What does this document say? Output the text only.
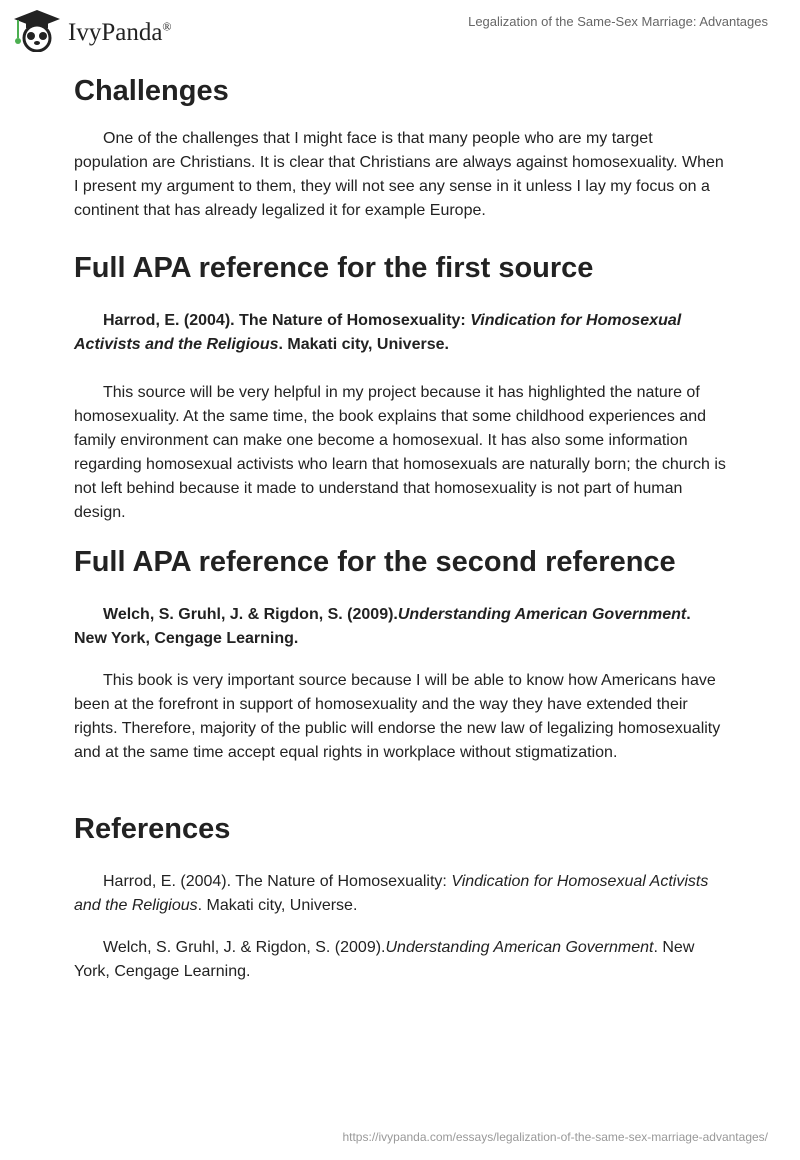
IvyPanda®	Legalization of the Same-Sex Marriage: Advantages
Challenges

One of the challenges that I might face is that many people who are my target population are Christians. It is clear that Christians are always against homosexuality. When I present my argument to them, they will not see any sense in it unless I lay my focus on a continent that has already legalized it for example Europe.

Full APA reference for the first source

Harrod, E. (2004). The Nature of Homosexuality: Vindication for Homosexual Activists and the Religious. Makati city, Universe.

This source will be very helpful in my project because it has highlighted the nature of homosexuality. At the same time, the book explains that some childhood experiences and family environment can make one become a homosexual. It has also some information regarding homosexual activists who learn that homosexuals are naturally born; the church is not left behind because it made to understand that homosexuality is not part of human design.

Full APA reference for the second reference

Welch, S. Gruhl, J. & Rigdon, S. (2009).Understanding American Government. New York, Cengage Learning.

This book is very important source because I will be able to know how Americans have been at the forefront in support of homosexuality and the way they have extended their rights. Therefore, majority of the public will endorse the new law of legalizing homosexuality and at the same time accept equal rights in workplace without stigmatization.

References

Harrod, E. (2004). The Nature of Homosexuality: Vindication for Homosexual Activists and the Religious. Makati city, Universe.

Welch, S. Gruhl, J. & Rigdon, S. (2009).Understanding American Government. New York, Cengage Learning.

https://ivypanda.com/essays/legalization-of-the-same-sex-marriage-advantages/
